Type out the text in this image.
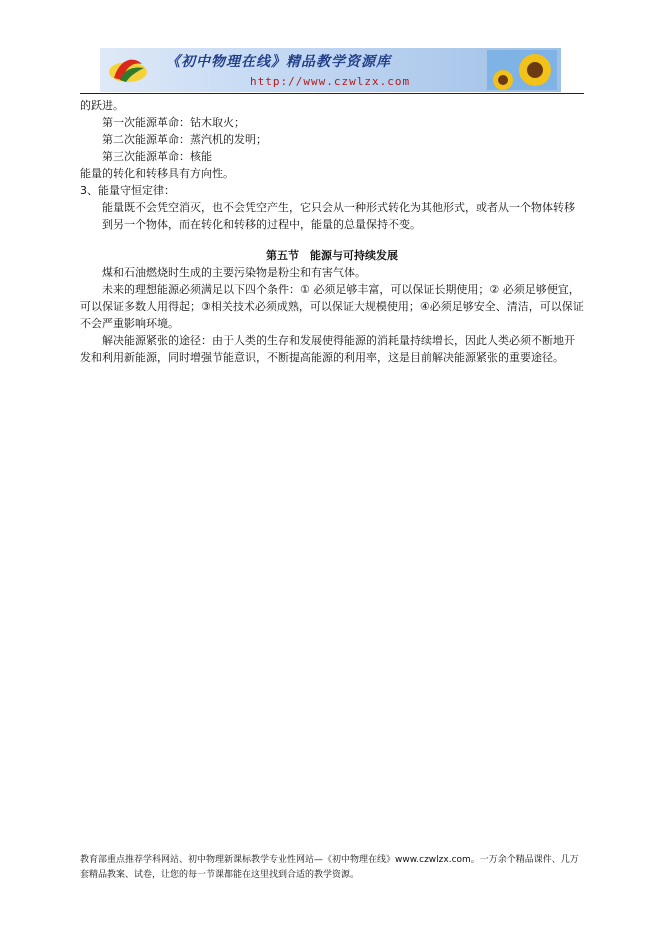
《初中物理在线》精品教学资源库
http://www.czwlzx.com

的跃进。

第一次能源革命：钻木取火；

第二次能源革命：蒸汽机的发明；

第三次能源革命：核能

能量的转化和转移具有方向性。

3、能量守恒定律：

能量既不会凭空消灭，也不会凭空产生，它只会从一种形式转化为其他形式，或者从一个物体转移到另一个物体，而在转化和转移的过程中，能量的总量保持不变。

第五节　能源与可持续发展

煤和石油燃烧时生成的主要污染物是粉尘和有害气体。

未来的理想能源必须满足以下四个条件：① 必须足够丰富，可以保证长期使用；② 必须足够便宜，可以保证多数人用得起；③相关技术必须成熟，可以保证大规模使用；④必须足够安全、清洁，可以保证不会严重影响环境。

解决能源紧张的途径：由于人类的生存和发展使得能源的消耗量持续增长，因此人类必须不断地开发和利用新能源，同时增强节能意识，不断提高能源的利用率，这是目前解决能源紧张的重要途径。

教育部重点推荐学科网站、初中物理新课标教学专业性网站—《初中物理在线》www.czwlzx.com。一万余个精品课件、几万套精品教案、试卷，让您的每一节课都能在这里找到合适的教学资源。
